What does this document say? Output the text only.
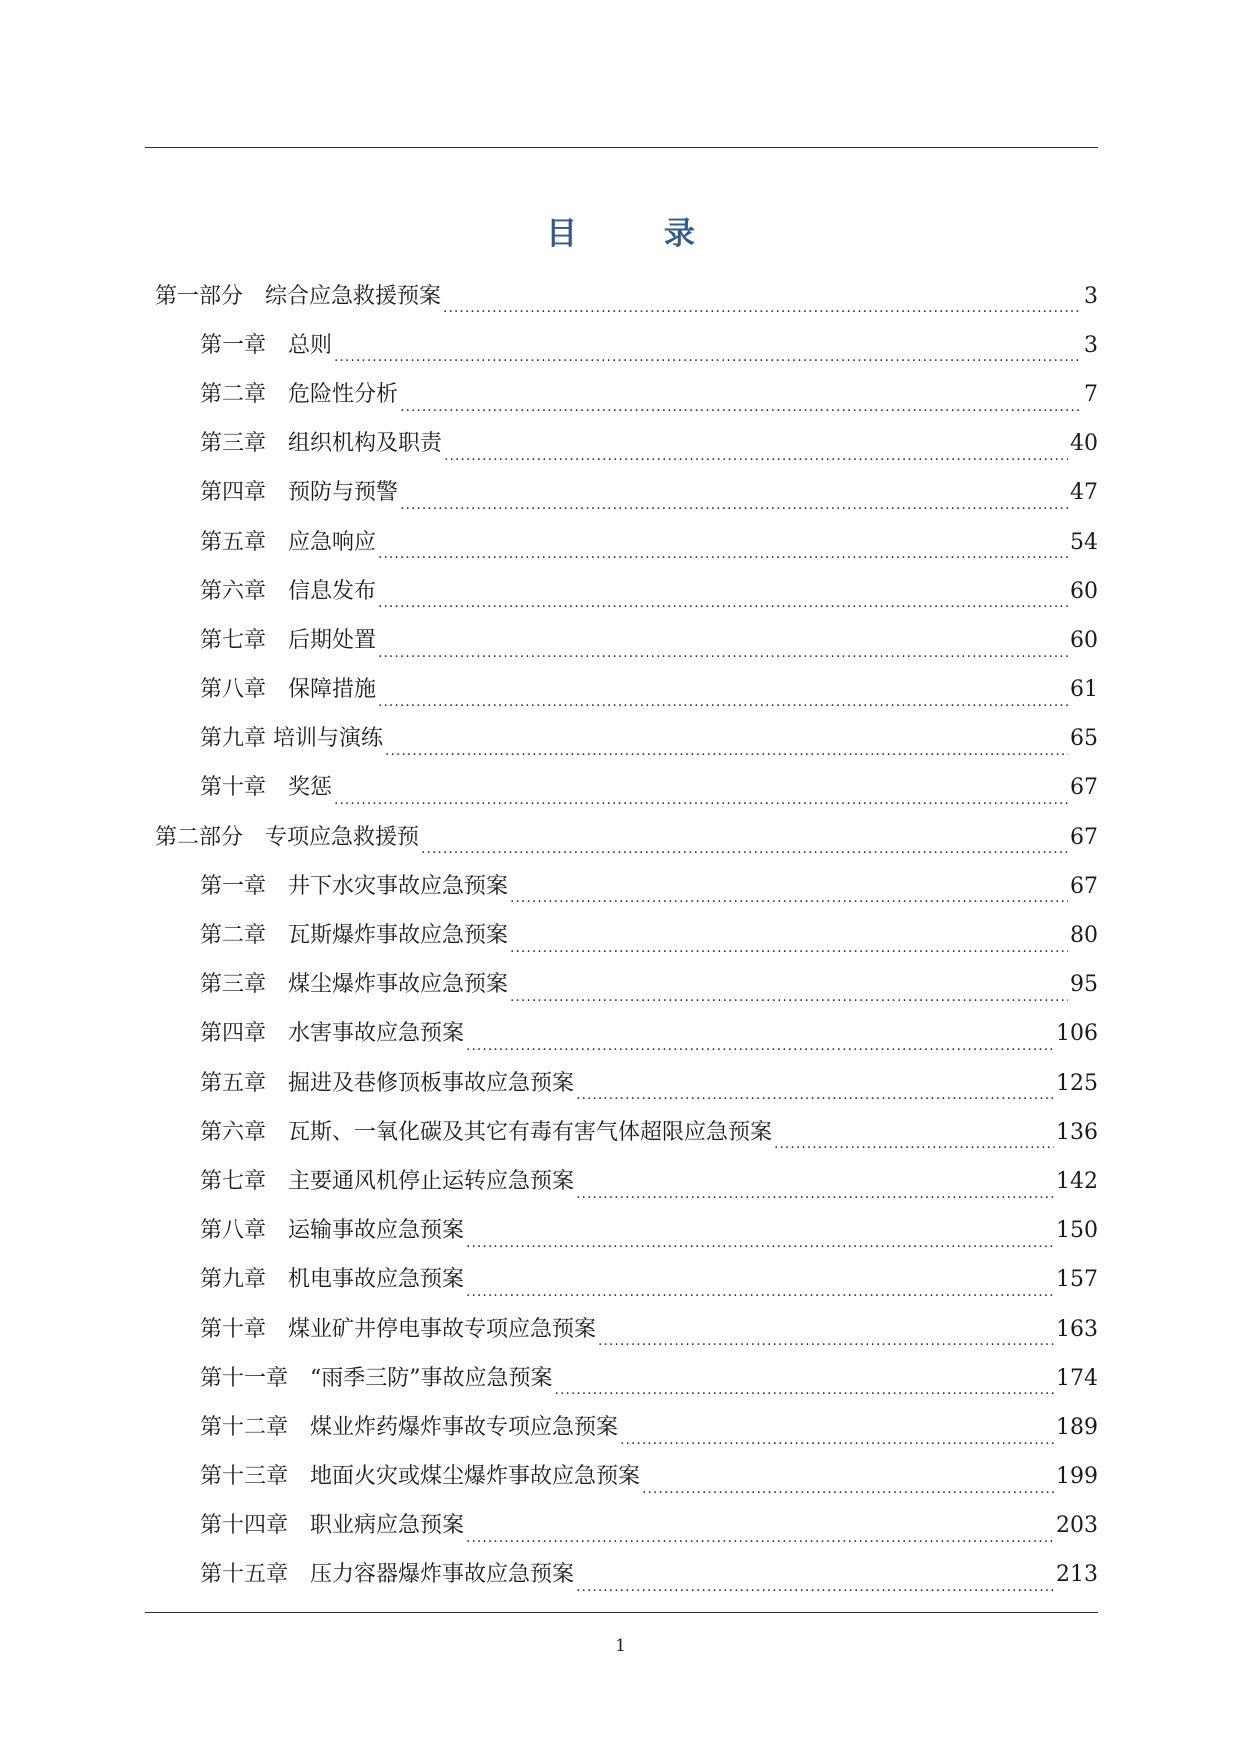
目 录
第一部分　综合应急救援预案 .....	3
第一章　总则 .....	3
第二章　危险性分析 .....	7
第三章　组织机构及职责 .....	40
第四章　预防与预警 .....	47
第五章　应急响应 .....	54
第六章　信息发布 .....	60
第七章　后期处置 .....	60
第八章　保障措施 .....	61
第九章 培训与演练 .....	65
第十章　奖惩 .....	67
第二部分　专项应急救援预 .....	67
第一章　井下水灾事故应急预案 .....	67
第二章　瓦斯爆炸事故应急预案 .....	80
第三章　煤尘爆炸事故应急预案 .....	95
第四章　水害事故应急预案 .....	106
第五章　掘进及巷修顶板事故应急预案 .....	125
第六章　瓦斯、一氧化碳及其它有毒有害气体超限应急预案 .....	136
第七章　主要通风机停止运转应急预案 .....	142
第八章　运输事故应急预案 .....	150
第九章　机电事故应急预案 .....	157
第十章　煤业矿井停电事故专项应急预案 .....	163
第十一章　“雨季三防”事故应急预案 .....	174
第十二章　煤业炸药爆炸事故专项应急预案 .....	189
第十三章　地面火灾或煤尘爆炸事故应急预案 .....	199
第十四章　职业病应急预案 .....	203
第十五章　压力容器爆炸事故应急预案 .....	213
1
